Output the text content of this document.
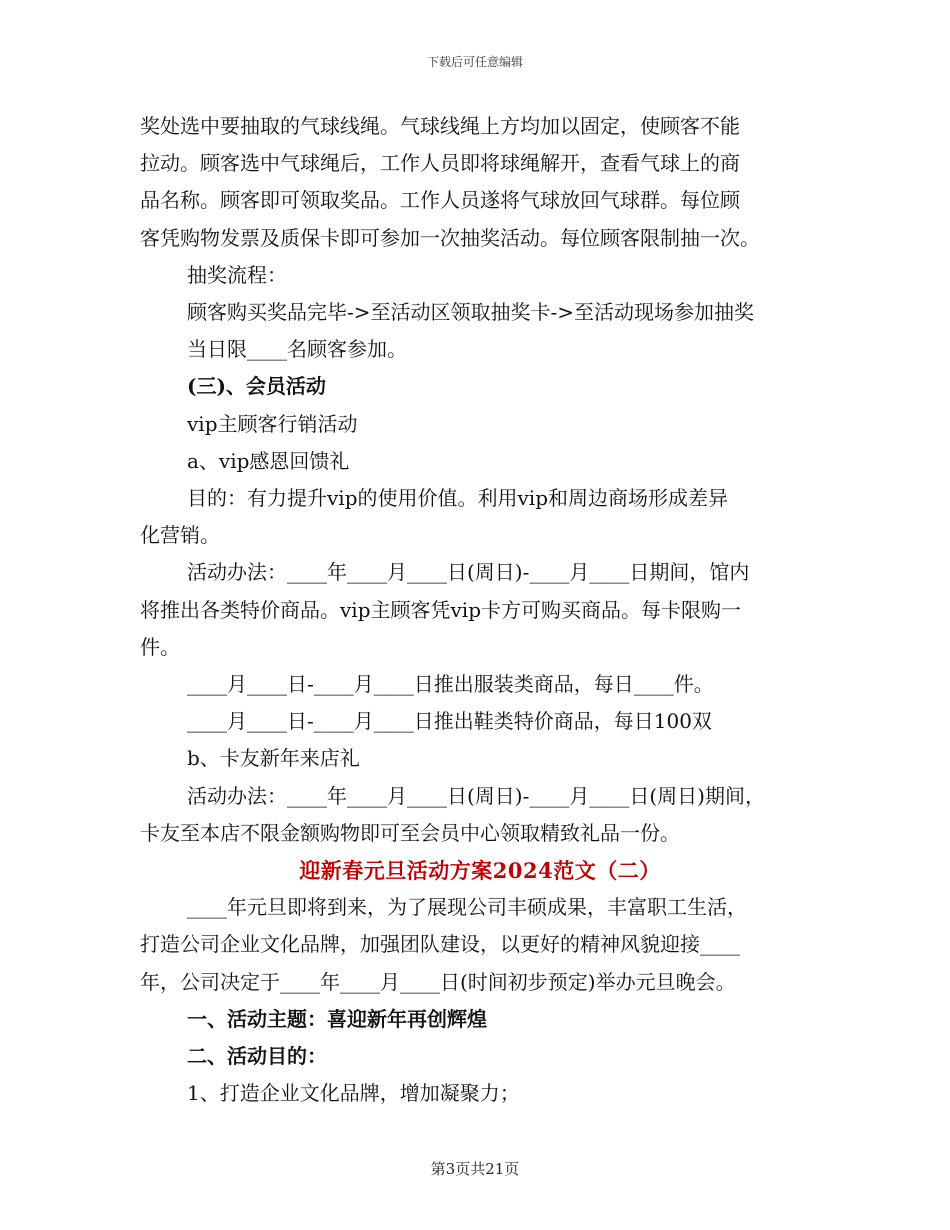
下载后可任意编辑

奖处选中要抽取的气球线绳。气球线绳上方均加以固定，使顾客不能

拉动。顾客选中气球绳后，工作人员即将球绳解开，查看气球上的商

品名称。顾客即可领取奖品。工作人员遂将气球放回气球群。每位顾

客凭购物发票及质保卡即可参加一次抽奖活动。每位顾客限制抽一次。

抽奖流程：

顾客购买奖品完毕->至活动区领取抽奖卡->至活动现场参加抽奖

当日限____名顾客参加。

(三)、会员活动

vip主顾客行销活动

a、vip感恩回馈礼

目的：有力提升vip的使用价值。利用vip和周边商场形成差异

化营销。

活动办法：____年____月____日(周日)-____月____日期间，馆内

将推出各类特价商品。vip主顾客凭vip卡方可购买商品。每卡限购一

件。

____月____日-____月____日推出服装类商品，每日____件。

____月____日-____月____日推出鞋类特价商品，每日100双

b、卡友新年来店礼

活动办法：____年____月____日(周日)-____月____日(周日)期间，

卡友至本店不限金额购物即可至会员中心领取精致礼品一份。

迎新春元旦活动方案2024范文（二）

____年元旦即将到来，为了展现公司丰硕成果，丰富职工生活，

打造公司企业文化品牌，加强团队建设，以更好的精神风貌迎接____

年，公司决定于____年____月____日(时间初步预定)举办元旦晚会。

一、活动主题：喜迎新年再创辉煌

二、活动目的：

1、打造企业文化品牌，增加凝聚力；

第3页共21页
